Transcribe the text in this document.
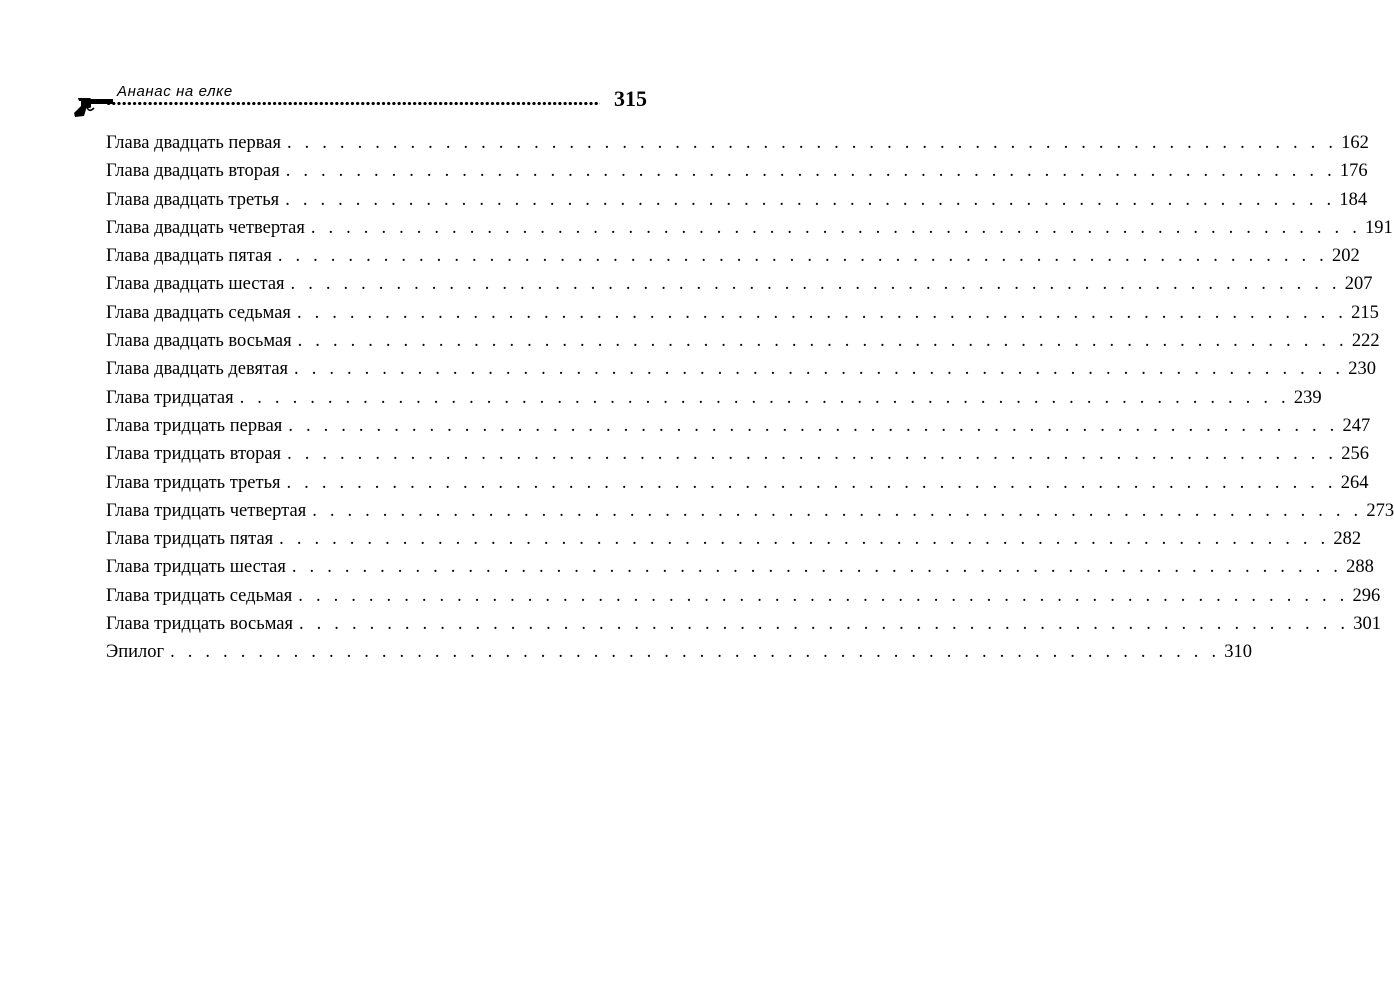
Ананас на елке	315
Глава двадцать первая . . . . . . . . . . . . . . . . . . . . . . . . . . . . . . . . . . . . . . . . . . . . . . . . . . . . . . . . . . . . 162
Глава двадцать вторая . . . . . . . . . . . . . . . . . . . . . . . . . . . . . . . . . . . . . . . . . . . . . . . . . . . . . . . . . . . . 176
Глава двадцать третья . . . . . . . . . . . . . . . . . . . . . . . . . . . . . . . . . . . . . . . . . . . . . . . . . . . . . . . . . . . . 184
Глава двадцать четвертая . . . . . . . . . . . . . . . . . . . . . . . . . . . . . . . . . . . . . . . . . . . . . . . . . . . . . . . . . . . . 191
Глава двадцать пятая . . . . . . . . . . . . . . . . . . . . . . . . . . . . . . . . . . . . . . . . . . . . . . . . . . . . . . . . . . . . 202
Глава двадцать шестая . . . . . . . . . . . . . . . . . . . . . . . . . . . . . . . . . . . . . . . . . . . . . . . . . . . . . . . . . . . . 207
Глава двадцать седьмая . . . . . . . . . . . . . . . . . . . . . . . . . . . . . . . . . . . . . . . . . . . . . . . . . . . . . . . . . . . . 215
Глава двадцать восьмая . . . . . . . . . . . . . . . . . . . . . . . . . . . . . . . . . . . . . . . . . . . . . . . . . . . . . . . . . . . . 222
Глава двадцать девятая . . . . . . . . . . . . . . . . . . . . . . . . . . . . . . . . . . . . . . . . . . . . . . . . . . . . . . . . . . . . 230
Глава тридцатая . . . . . . . . . . . . . . . . . . . . . . . . . . . . . . . . . . . . . . . . . . . . . . . . . . . . . . . . . . . . 239
Глава тридцать первая . . . . . . . . . . . . . . . . . . . . . . . . . . . . . . . . . . . . . . . . . . . . . . . . . . . . . . . . . . . . 247
Глава тридцать вторая . . . . . . . . . . . . . . . . . . . . . . . . . . . . . . . . . . . . . . . . . . . . . . . . . . . . . . . . . . . . 256
Глава тридцать третья . . . . . . . . . . . . . . . . . . . . . . . . . . . . . . . . . . . . . . . . . . . . . . . . . . . . . . . . . . . . 264
Глава тридцать четвертая . . . . . . . . . . . . . . . . . . . . . . . . . . . . . . . . . . . . . . . . . . . . . . . . . . . . . . . . . . . . 273
Глава тридцать пятая . . . . . . . . . . . . . . . . . . . . . . . . . . . . . . . . . . . . . . . . . . . . . . . . . . . . . . . . . . . . 282
Глава тридцать шестая . . . . . . . . . . . . . . . . . . . . . . . . . . . . . . . . . . . . . . . . . . . . . . . . . . . . . . . . . . . . 288
Глава тридцать седьмая . . . . . . . . . . . . . . . . . . . . . . . . . . . . . . . . . . . . . . . . . . . . . . . . . . . . . . . . . . . . 296
Глава тридцать восьмая . . . . . . . . . . . . . . . . . . . . . . . . . . . . . . . . . . . . . . . . . . . . . . . . . . . . . . . . . . . . 301
Эпилог . . . . . . . . . . . . . . . . . . . . . . . . . . . . . . . . . . . . . . . . . . . . . . . . . . . . . . . . . . . . 310
